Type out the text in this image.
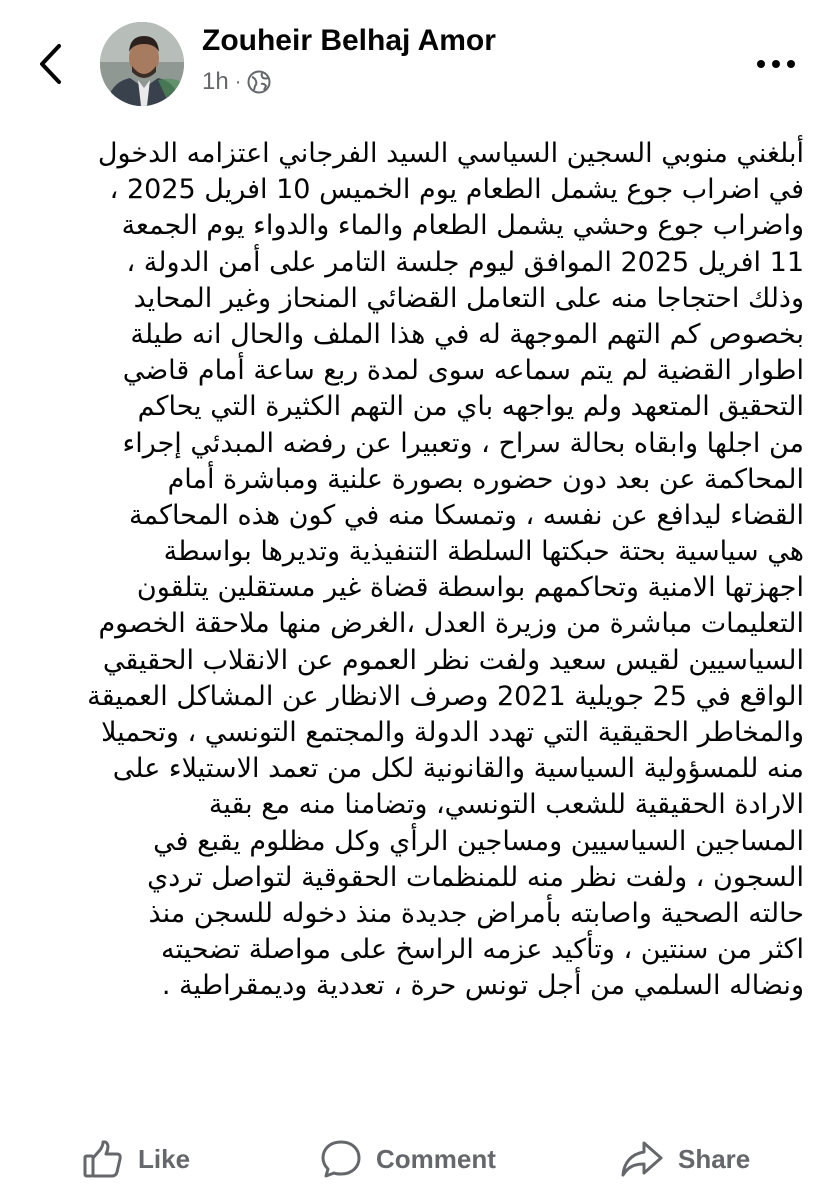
Zouheir Belhaj Amor
1h ·
أبلغني منوبي السجين السياسي السيد الفرجاني اعتزامه الدخول
في اضراب جوع يشمل الطعام يوم الخميس 10 افريل 2025 ،
واضراب جوع وحشي يشمل الطعام والماء والدواء يوم الجمعة
11 افريل 2025 الموافق ليوم جلسة التامر على أمن الدولة ،
وذلك احتجاجا منه على التعامل القضائي المنحاز وغير المحايد
بخصوص كم التهم الموجهة له في هذا الملف والحال انه طيلة
اطوار القضية لم يتم سماعه سوى لمدة ربع ساعة أمام قاضي
التحقيق المتعهد ولم يواجهه باي من التهم الكثيرة التي يحاكم
من اجلها وابقاه بحالة سراح ، وتعبيرا عن رفضه المبدئي إجراء
المحاكمة عن بعد دون حضوره بصورة علنية ومباشرة أمام
القضاء ليدافع عن نفسه ، وتمسكا منه في كون هذه المحاكمة
هي سياسية بحتة حبكتها السلطة التنفيذية وتديرها بواسطة
اجهزتها الامنية وتحاكمهم بواسطة قضاة غير مستقلين يتلقون
التعليمات مباشرة من وزيرة العدل ،الغرض منها ملاحقة الخصوم
السياسيين لقيس سعيد ولفت نظر العموم عن الانقلاب الحقيقي
الواقع في 25 جويلية 2021 وصرف الانظار عن المشاكل العميقة
والمخاطر الحقيقية التي تهدد الدولة والمجتمع التونسي ، وتحميلا
منه للمسؤولية السياسية والقانونية لكل من تعمد الاستيلاء على
الارادة الحقيقية للشعب التونسي، وتضامنا منه مع بقية
المساجين السياسيين ومساجين الرأي وكل مظلوم يقبع في
السجون ، ولفت نظر منه للمنظمات الحقوقية لتواصل تردي
حالته الصحية واصابته بأمراض جديدة منذ دخوله للسجن منذ
اكثر من سنتين ، وتأكيد عزمه الراسخ على مواصلة تضحيته
ونضاله السلمي من أجل تونس حرة ، تعددية وديمقراطية .
Like	Comment	Share
